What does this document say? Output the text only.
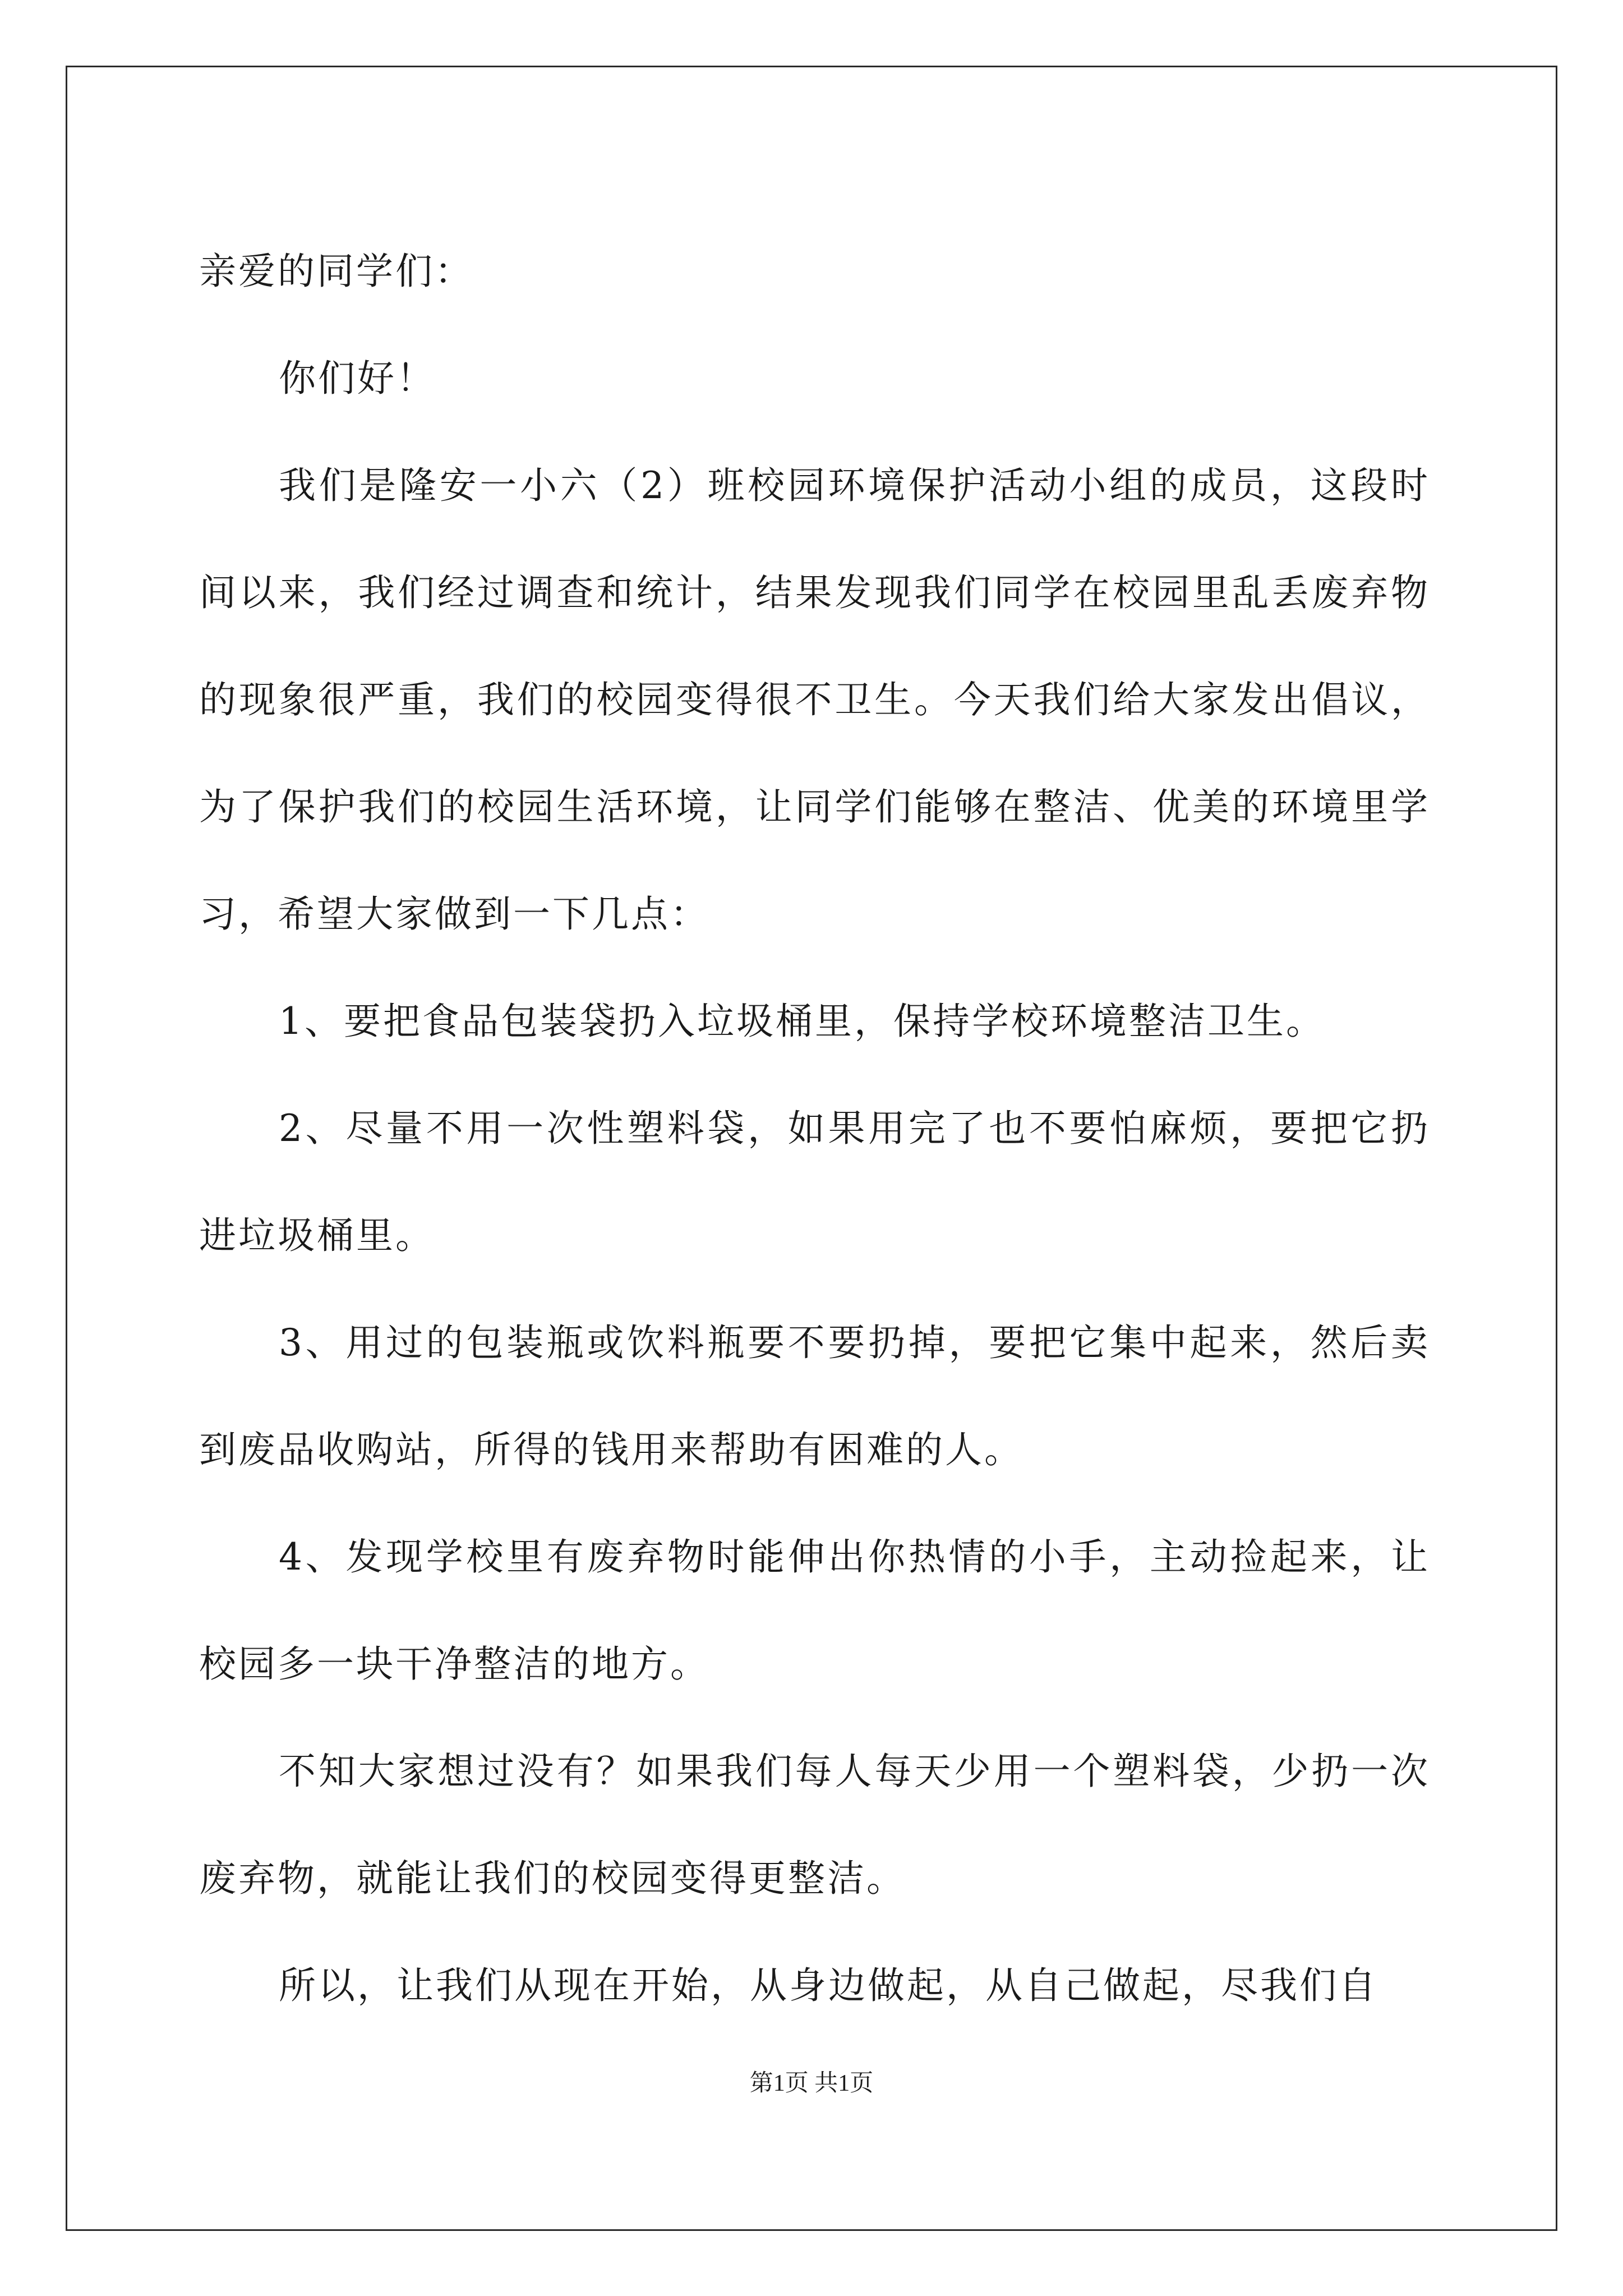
亲爱的同学们：

你们好！

我们是隆安一小六（2）班校园环境保护活动小组的成员，这段时间以来，我们经过调查和统计，结果发现我们同学在校园里乱丢废弃物的现象很严重，我们的校园变得很不卫生。今天我们给大家发出倡议，为了保护我们的校园生活环境，让同学们能够在整洁、优美的环境里学习，希望大家做到一下几点：

1、要把食品包装袋扔入垃圾桶里，保持学校环境整洁卫生。

2、尽量不用一次性塑料袋，如果用完了也不要怕麻烦，要把它扔进垃圾桶里。

3、用过的包装瓶或饮料瓶要不要扔掉，要把它集中起来，然后卖到废品收购站，所得的钱用来帮助有困难的人。

4、发现学校里有废弃物时能伸出你热情的小手，主动捡起来，让校园多一块干净整洁的地方。

不知大家想过没有？如果我们每人每天少用一个塑料袋，少扔一次废弃物，就能让我们的校园变得更整洁。

所以，让我们从现在开始，从身边做起，从自己做起，尽我们自

第1页 共1页
